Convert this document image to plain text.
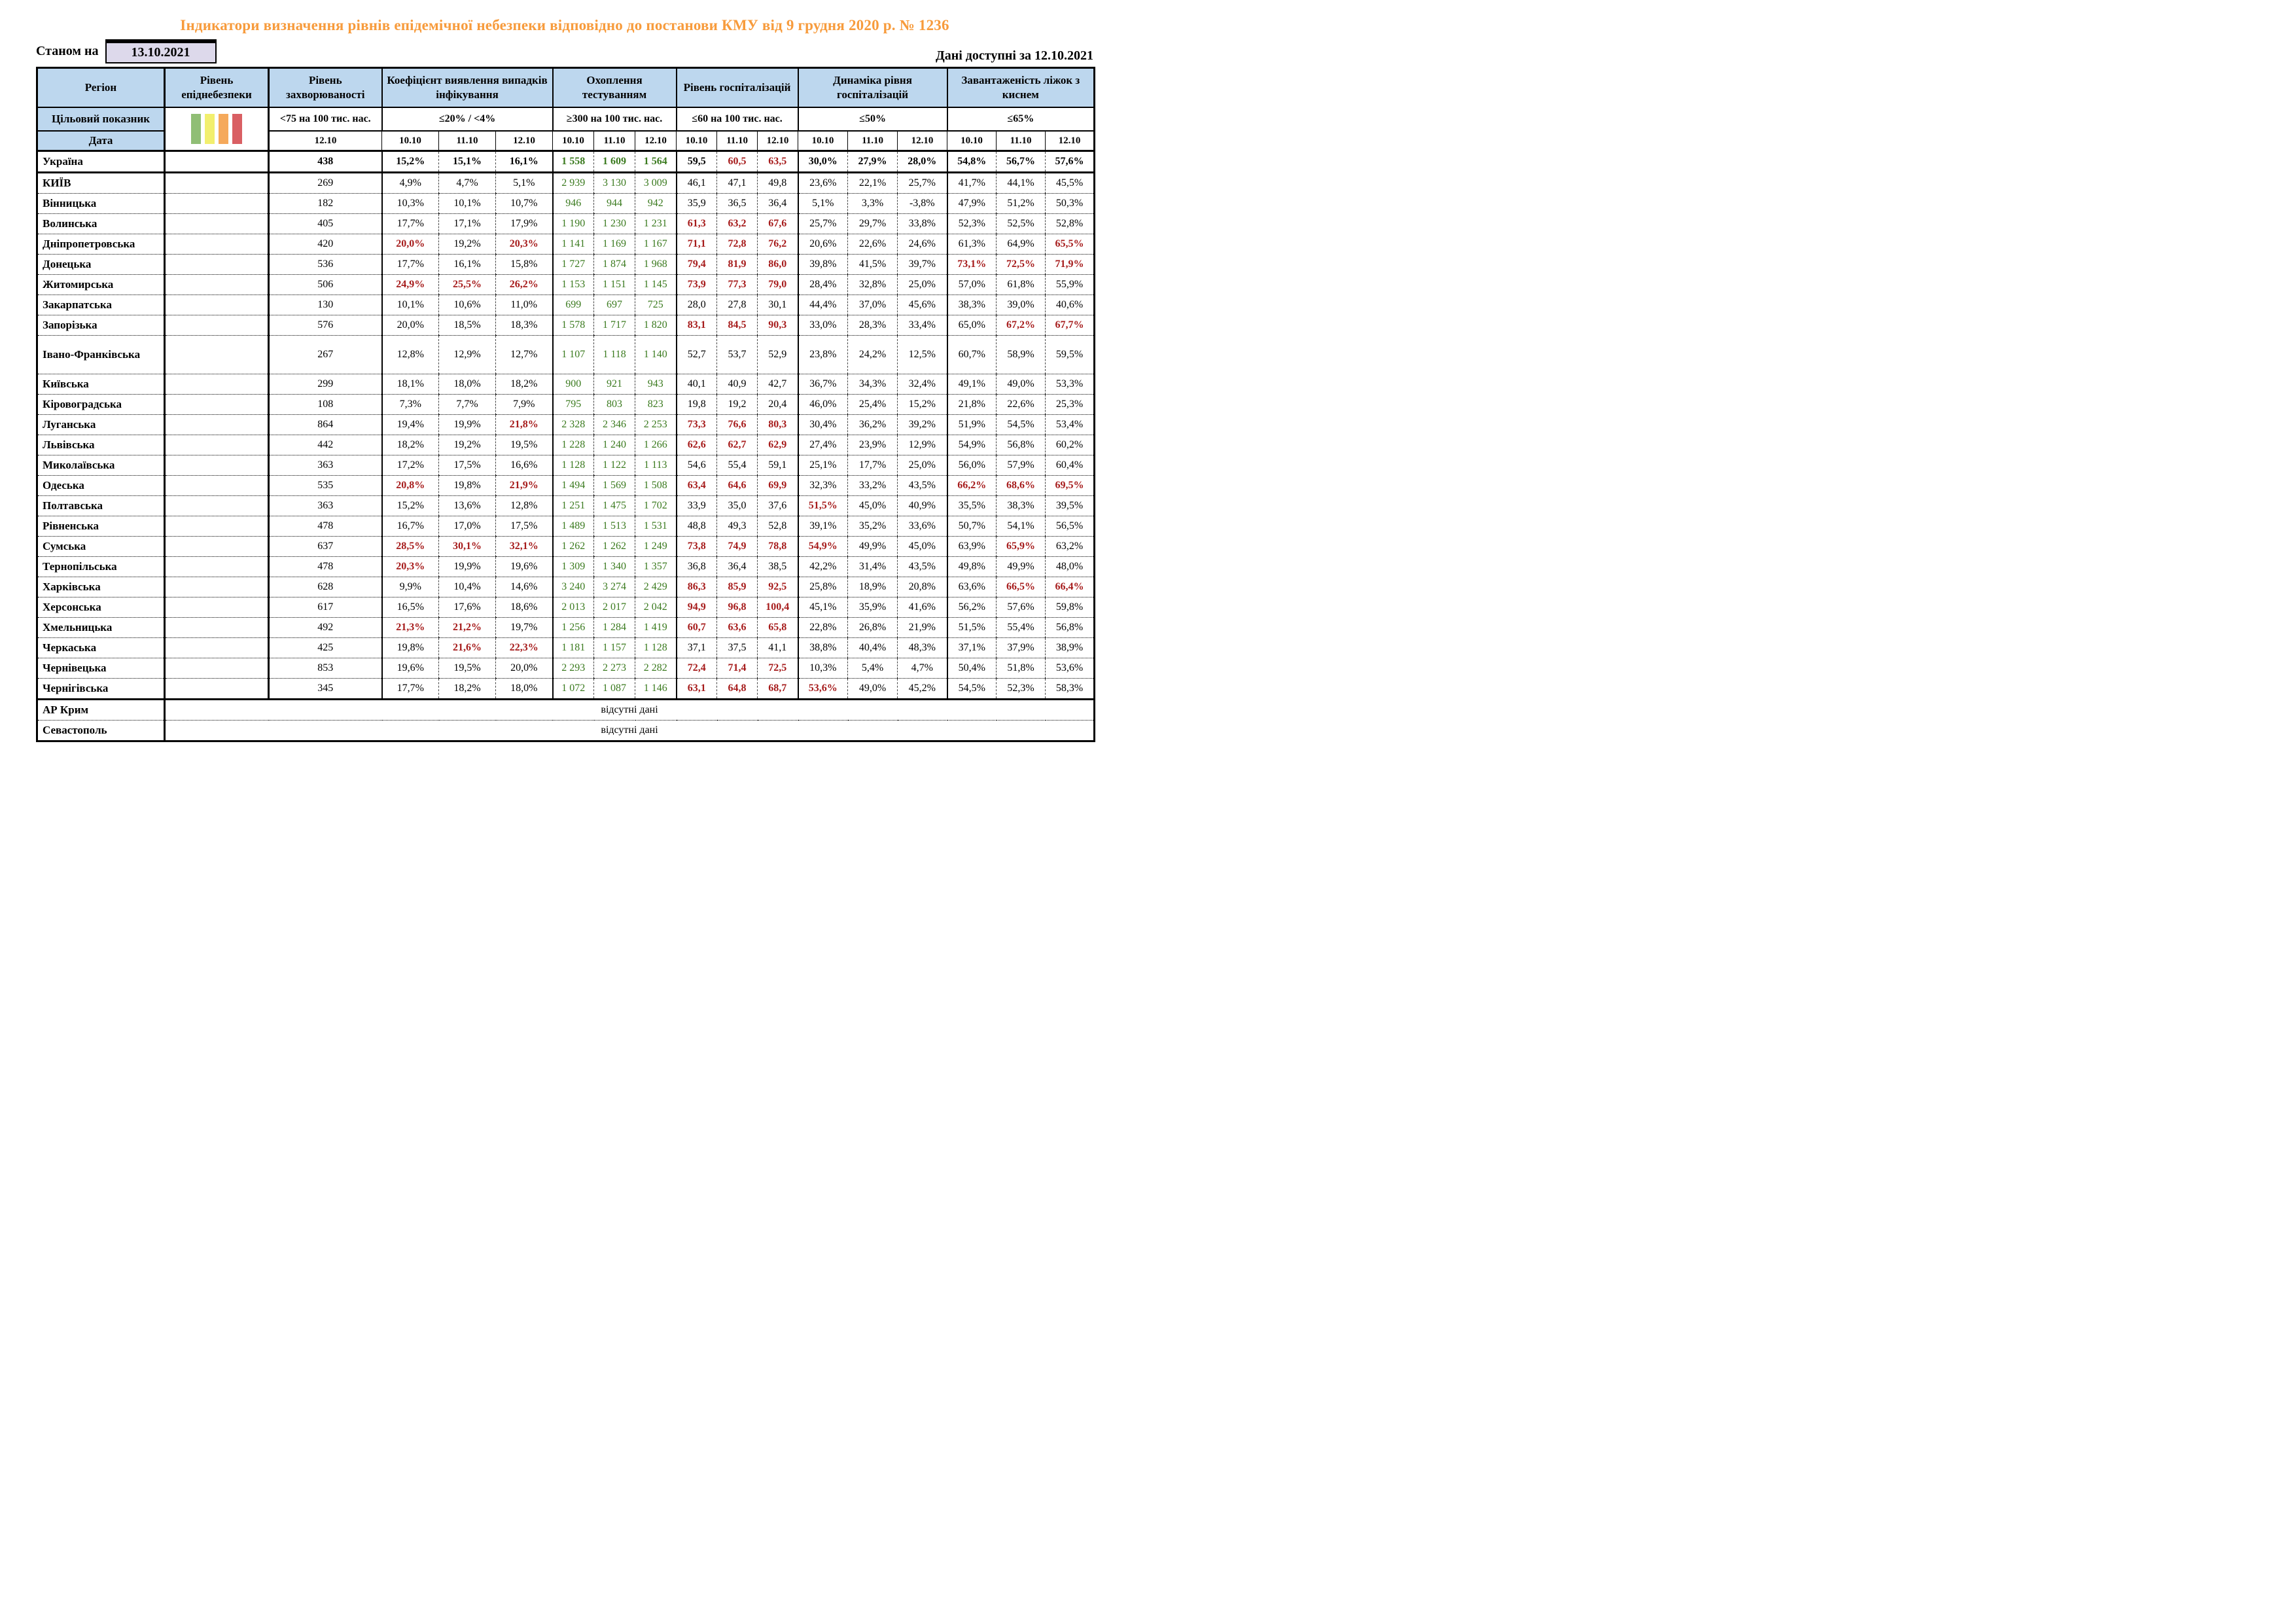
Індикатори визначення рівнів епідемічної небезпеки відповідно до постанови КМУ від 9 грудня 2020 р. № 1236
Станом на	13.10.2021	Дані доступні за 12.10.2021
Регіон	Рівень епіднебезпеки	Рівень захворюваності	Коефіцієнт виявлення випадків інфікування			Охоплення тестуванням			Рівень госпіталізацій			Динаміка рівня госпіталізацій			Завантаженість ліжок з киснем		
Цільовий показник		<75 на 100 тис. нас.	≤20% / <4%			≥300 на 100 тис. нас.			≤60 на 100 тис. нас.			≤50%			≤65%		
Дата		12.10	10.10	11.10	12.10	10.10	11.10	12.10	10.10	11.10	12.10	10.10	11.10	12.10	10.10	11.10	12.10
Україна		438	15,2%	15,1%	16,1%	1 558	1 609	1 564	59,5	60,5	63,5	30,0%	27,9%	28,0%	54,8%	56,7%	57,6%
КИЇВ		269	4,9%	4,7%	5,1%	2 939	3 130	3 009	46,1	47,1	49,8	23,6%	22,1%	25,7%	41,7%	44,1%	45,5%
Вінницька		182	10,3%	10,1%	10,7%	946	944	942	35,9	36,5	36,4	5,1%	3,3%	-3,8%	47,9%	51,2%	50,3%
Волинська		405	17,7%	17,1%	17,9%	1 190	1 230	1 231	61,3	63,2	67,6	25,7%	29,7%	33,8%	52,3%	52,5%	52,8%
Дніпропетровська		420	20,0%	19,2%	20,3%	1 141	1 169	1 167	71,1	72,8	76,2	20,6%	22,6%	24,6%	61,3%	64,9%	65,5%
Донецька		536	17,7%	16,1%	15,8%	1 727	1 874	1 968	79,4	81,9	86,0	39,8%	41,5%	39,7%	73,1%	72,5%	71,9%
Житомирська		506	24,9%	25,5%	26,2%	1 153	1 151	1 145	73,9	77,3	79,0	28,4%	32,8%	25,0%	57,0%	61,8%	55,9%
Закарпатська		130	10,1%	10,6%	11,0%	699	697	725	28,0	27,8	30,1	44,4%	37,0%	45,6%	38,3%	39,0%	40,6%
Запорізька		576	20,0%	18,5%	18,3%	1 578	1 717	1 820	83,1	84,5	90,3	33,0%	28,3%	33,4%	65,0%	67,2%	67,7%
Івано-Франківська		267	12,8%	12,9%	12,7%	1 107	1 118	1 140	52,7	53,7	52,9	23,8%	24,2%	12,5%	60,7%	58,9%	59,5%
Київська		299	18,1%	18,0%	18,2%	900	921	943	40,1	40,9	42,7	36,7%	34,3%	32,4%	49,1%	49,0%	53,3%
Кіровоградська		108	7,3%	7,7%	7,9%	795	803	823	19,8	19,2	20,4	46,0%	25,4%	15,2%	21,8%	22,6%	25,3%
Луганська		864	19,4%	19,9%	21,8%	2 328	2 346	2 253	73,3	76,6	80,3	30,4%	36,2%	39,2%	51,9%	54,5%	53,4%
Львівська		442	18,2%	19,2%	19,5%	1 228	1 240	1 266	62,6	62,7	62,9	27,4%	23,9%	12,9%	54,9%	56,8%	60,2%
Миколаївська		363	17,2%	17,5%	16,6%	1 128	1 122	1 113	54,6	55,4	59,1	25,1%	17,7%	25,0%	56,0%	57,9%	60,4%
Одеська		535	20,8%	19,8%	21,9%	1 494	1 569	1 508	63,4	64,6	69,9	32,3%	33,2%	43,5%	66,2%	68,6%	69,5%
Полтавська		363	15,2%	13,6%	12,8%	1 251	1 475	1 702	33,9	35,0	37,6	51,5%	45,0%	40,9%	35,5%	38,3%	39,5%
Рівненська		478	16,7%	17,0%	17,5%	1 489	1 513	1 531	48,8	49,3	52,8	39,1%	35,2%	33,6%	50,7%	54,1%	56,5%
Сумська		637	28,5%	30,1%	32,1%	1 262	1 262	1 249	73,8	74,9	78,8	54,9%	49,9%	45,0%	63,9%	65,9%	63,2%
Тернопільська		478	20,3%	19,9%	19,6%	1 309	1 340	1 357	36,8	36,4	38,5	42,2%	31,4%	43,5%	49,8%	49,9%	48,0%
Харківська		628	9,9%	10,4%	14,6%	3 240	3 274	2 429	86,3	85,9	92,5	25,8%	18,9%	20,8%	63,6%	66,5%	66,4%
Херсонська		617	16,5%	17,6%	18,6%	2 013	2 017	2 042	94,9	96,8	100,4	45,1%	35,9%	41,6%	56,2%	57,6%	59,8%
Хмельницька		492	21,3%	21,2%	19,7%	1 256	1 284	1 419	60,7	63,6	65,8	22,8%	26,8%	21,9%	51,5%	55,4%	56,8%
Черкаська		425	19,8%	21,6%	22,3%	1 181	1 157	1 128	37,1	37,5	41,1	38,8%	40,4%	48,3%	37,1%	37,9%	38,9%
Чернівецька		853	19,6%	19,5%	20,0%	2 293	2 273	2 282	72,4	71,4	72,5	10,3%	5,4%	4,7%	50,4%	51,8%	53,6%
Чернігівська		345	17,7%	18,2%	18,0%	1 072	1 087	1 146	63,1	64,8	68,7	53,6%	49,0%	45,2%	54,5%	52,3%	58,3%
АР Крим	відсутні дані																
Севастополь	відсутні дані																
